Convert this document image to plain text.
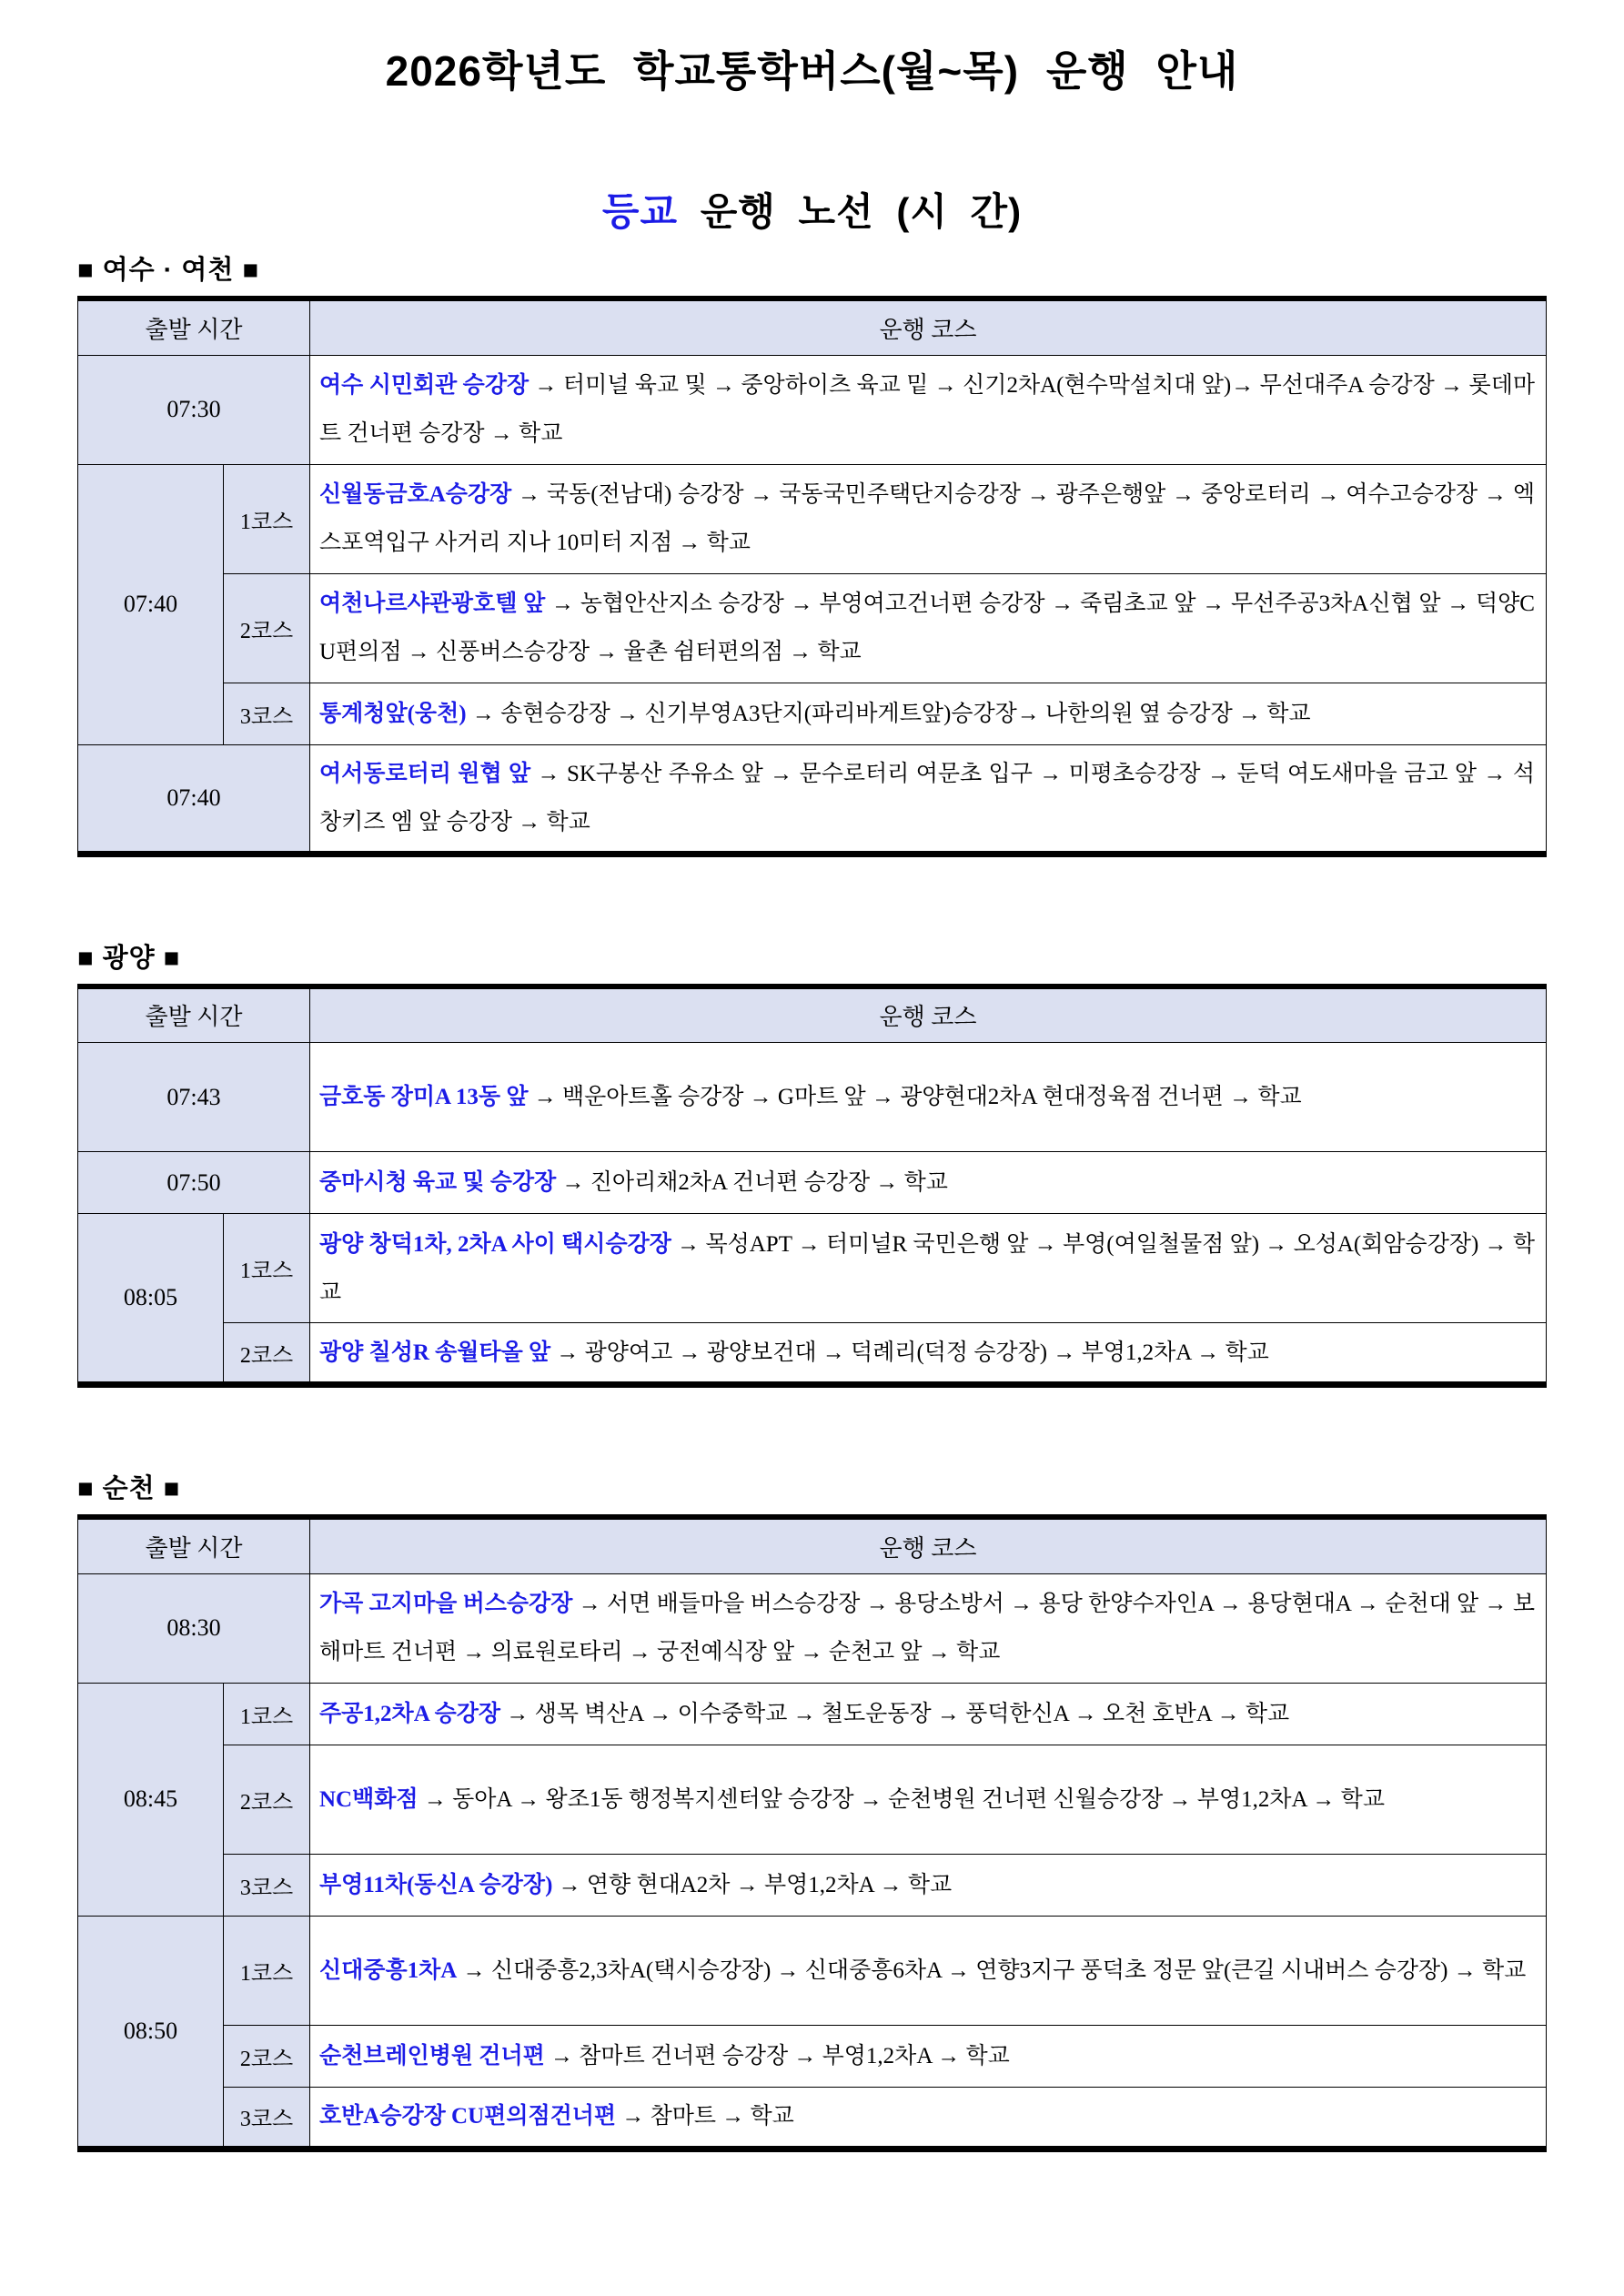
2026학년도 학교통학버스(월~목) 운행 안내
등교 운행 노선 (시 간)
■ 여수 · 여천 ■
출발 시간		운행 코스
07:30		여수 시민회관 승강장 → 터미널 육교 및 → 중앙하이츠 육교 밑 → 신기2차A(현수막설치대 앞)→ 무선대주A 승강장 → 롯데마트 건너편 승강장 → 학교
07:40	1코스	신월동금호A승강장 → 국동(전남대) 승강장 → 국동국민주택단지승강장 → 광주은행앞 → 중앙로터리 → 여수고승강장 → 엑스포역입구 사거리 지나 10미터 지점 → 학교
	2코스	여천나르샤관광호텔 앞 → 농협안산지소 승강장 → 부영여고건너편 승강장 → 죽림초교 앞 → 무선주공3차A신협 앞 → 덕양CU편의점 → 신풍버스승강장 → 율촌 쉼터편의점 → 학교
	3코스	통계청앞(웅천) → 송현승강장 → 신기부영A3단지(파리바게트앞)승강장→ 나한의원 옆 승강장 → 학교
07:40		여서동로터리 원협 앞 → SK구봉산 주유소 앞 → 문수로터리 여문초 입구 → 미평초승강장 → 둔덕 여도새마을 금고 앞 → 석창키즈 엠 앞 승강장 → 학교
■ 광양 ■
출발 시간		운행 코스
07:43		금호동 장미A 13동 앞 → 백운아트홀 승강장 → G마트 앞 → 광양현대2차A 현대정육점 건너편 → 학교
07:50		중마시청 육교 및 승강장 → 진아리채2차A 건너편 승강장 → 학교
08:05	1코스	광양 창덕1차, 2차A 사이 택시승강장 → 목성APT → 터미널R 국민은행 앞 → 부영(여일철물점 앞) → 오성A(회암승강장) → 학교
	2코스	광양 칠성R 송월타올 앞 → 광양여고 → 광양보건대 → 덕례리(덕정 승강장) → 부영1,2차A → 학교
■ 순천 ■
출발 시간		운행 코스
08:30		가곡 고지마을 버스승강장 → 서면 배들마을 버스승강장 → 용당소방서 → 용당 한양수자인A → 용당현대A → 순천대 앞 → 보해마트 건너편 → 의료원로타리 → 궁전예식장 앞 → 순천고 앞 → 학교
08:45	1코스	주공1,2차A 승강장 → 생목 벽산A → 이수중학교 → 철도운동장 → 풍덕한신A → 오천 호반A → 학교
	2코스	NC백화점 → 동아A → 왕조1동 행정복지센터앞 승강장 → 순천병원 건너편 신월승강장 → 부영1,2차A → 학교
	3코스	부영11차(동신A 승강장) → 연향 현대A2차 → 부영1,2차A → 학교
08:50	1코스	신대중흥1차A → 신대중흥2,3차A(택시승강장) → 신대중흥6차A → 연향3지구 풍덕초 정문 앞(큰길 시내버스 승강장) → 학교
	2코스	순천브레인병원 건너편 → 참마트 건너편 승강장 → 부영1,2차A → 학교
	3코스	호반A승강장 CU편의점건너편 → 참마트 → 학교
